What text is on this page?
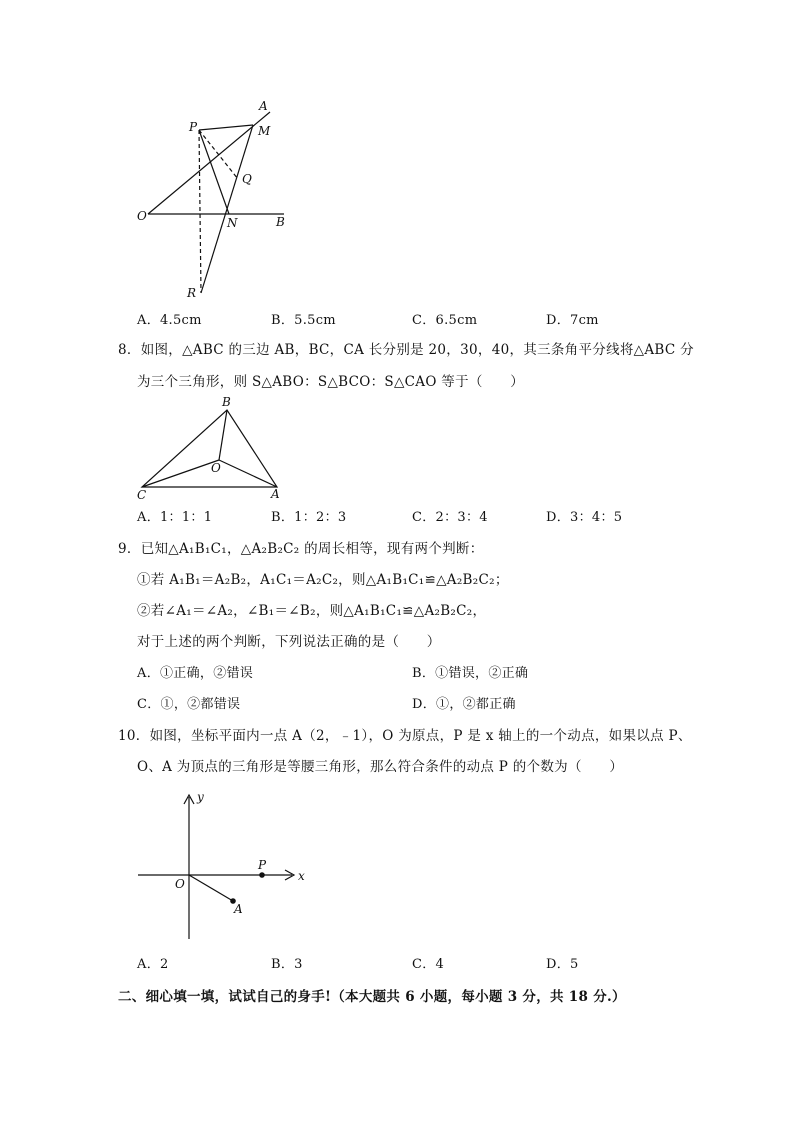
A
M
P
Q
O	N	B
R
A．4.5cm	B．5.5cm	C．6.5cm	D．7cm
8．如图，△ABC 的三边 AB，BC，CA 长分别是 20，30，40，其三条角平分线将△ABC 分
为三个三角形，则 S△ABO：S△BCO：S△CAO 等于（　　）
B
O
C	A
A．1：1：1	B．1：2：3	C．2：3：4	D．3：4：5
9．已知△A₁B₁C₁，△A₂B₂C₂ 的周长相等，现有两个判断：
①若 A₁B₁＝A₂B₂，A₁C₁＝A₂C₂，则△A₁B₁C₁≌△A₂B₂C₂；
②若∠A₁＝∠A₂，∠B₁＝∠B₂，则△A₁B₁C₁≌△A₂B₂C₂，
对于上述的两个判断，下列说法正确的是（　　）
A．①正确，②错误	B．①错误，②正确
C．①，②都错误	D．①，②都正确
10．如图，坐标平面内一点 A（2，﹣1），O 为原点，P 是 x 轴上的一个动点，如果以点 P、
O、A 为顶点的三角形是等腰三角形，那么符合条件的动点 P 的个数为（　　）
y
x
O
P
A
A．2	B．3	C．4	D．5
二、细心填一填，试试自己的身手!（本大题共 6 小题，每小题 3 分，共 18 分.）
